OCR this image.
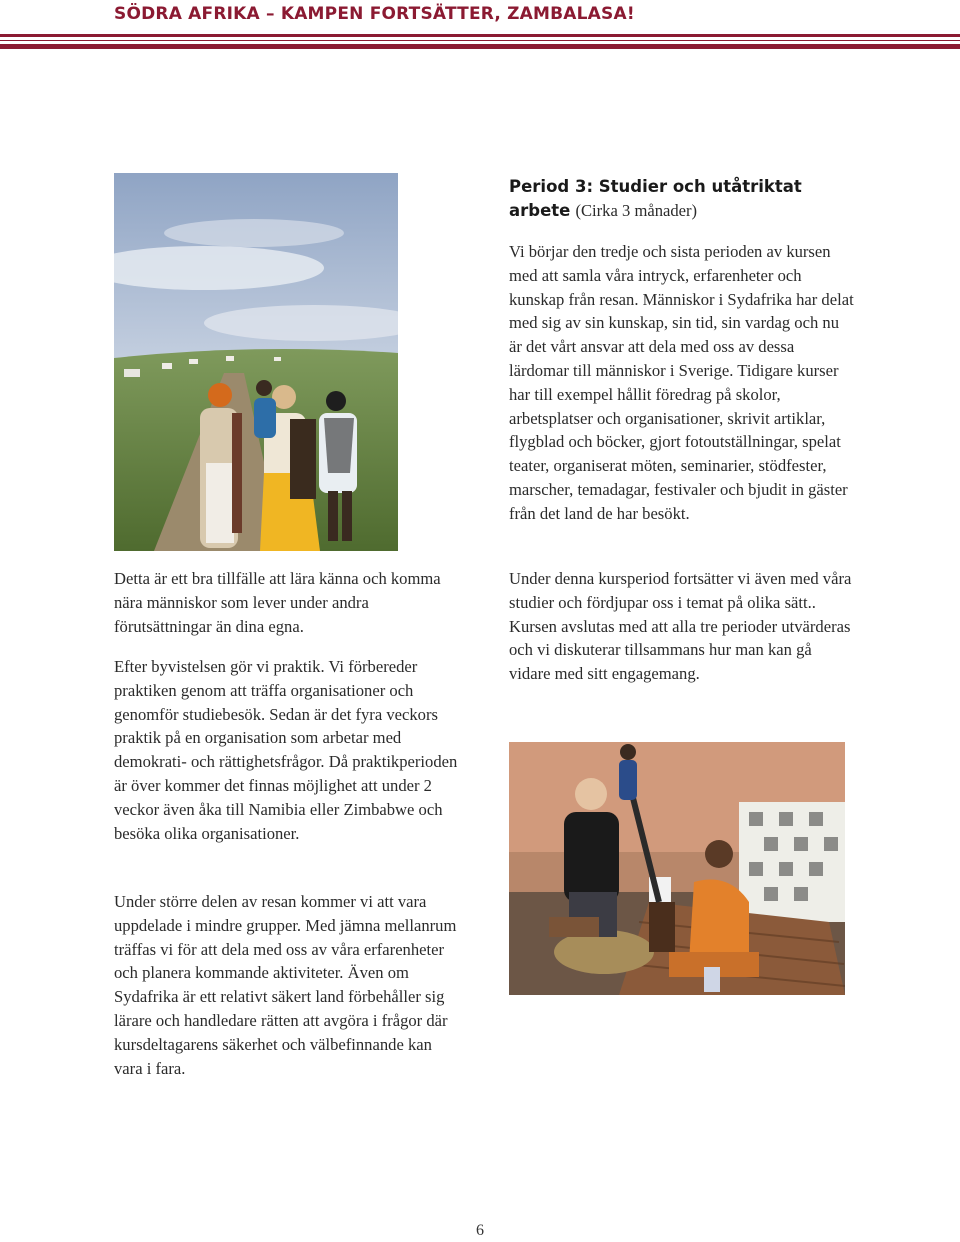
SÖDRA AFRIKA – KAMPEN FORTSÄTTER, ZAMBALASA!

Detta är ett bra tillfälle att lära känna och komma nära människor som lever under andra förutsättningar än dina egna.

Efter byvistelsen gör vi praktik. Vi förbereder praktiken genom att träffa organisationer och genomför studiebesök. Sedan är det fyra veckors praktik på en organisation som arbetar med demokrati- och rättighetsfrågor. Då praktikperioden är över kommer det finnas möjlighet att under 2 veckor även åka till Namibia eller Zimbabwe och besöka olika organisationer.

Under större delen av resan kommer vi att vara uppdelade i mindre grupper. Med jämna mellanrum träffas vi för att dela med oss av våra erfarenheter och planera kommande aktiviteter. Även om Sydafrika är ett relativt säkert land förbehåller sig lärare och handledare rätten att avgöra i frågor där kursdeltagarens säkerhet och välbefinnande kan vara i fara.

Period 3: Studier och utåtriktat arbete (Cirka 3 månader)

Vi börjar den tredje och sista perioden av kursen med att samla våra intryck, erfarenheter och kunskap från resan. Människor i Sydafrika har delat med sig av sin kunskap, sin tid, sin vardag och nu är det vårt ansvar att dela med oss av dessa lärdomar till människor i Sverige. Tidigare kurser har till exempel hållit föredrag på skolor, arbetsplatser och organisationer, skrivit artiklar, flygblad och böcker, gjort fotoutställningar, spelat teater, organiserat möten, seminarier, stödfester, marscher, temadagar, festivaler och bjudit in gäster från det land de har besökt.

Under denna kursperiod fortsätter vi även med våra studier och fördjupar oss i temat på olika sätt.. Kursen avslutas med att alla tre perioder utvärderas och vi diskuterar tillsammans hur man kan gå vidare med sitt engagemang.

6
